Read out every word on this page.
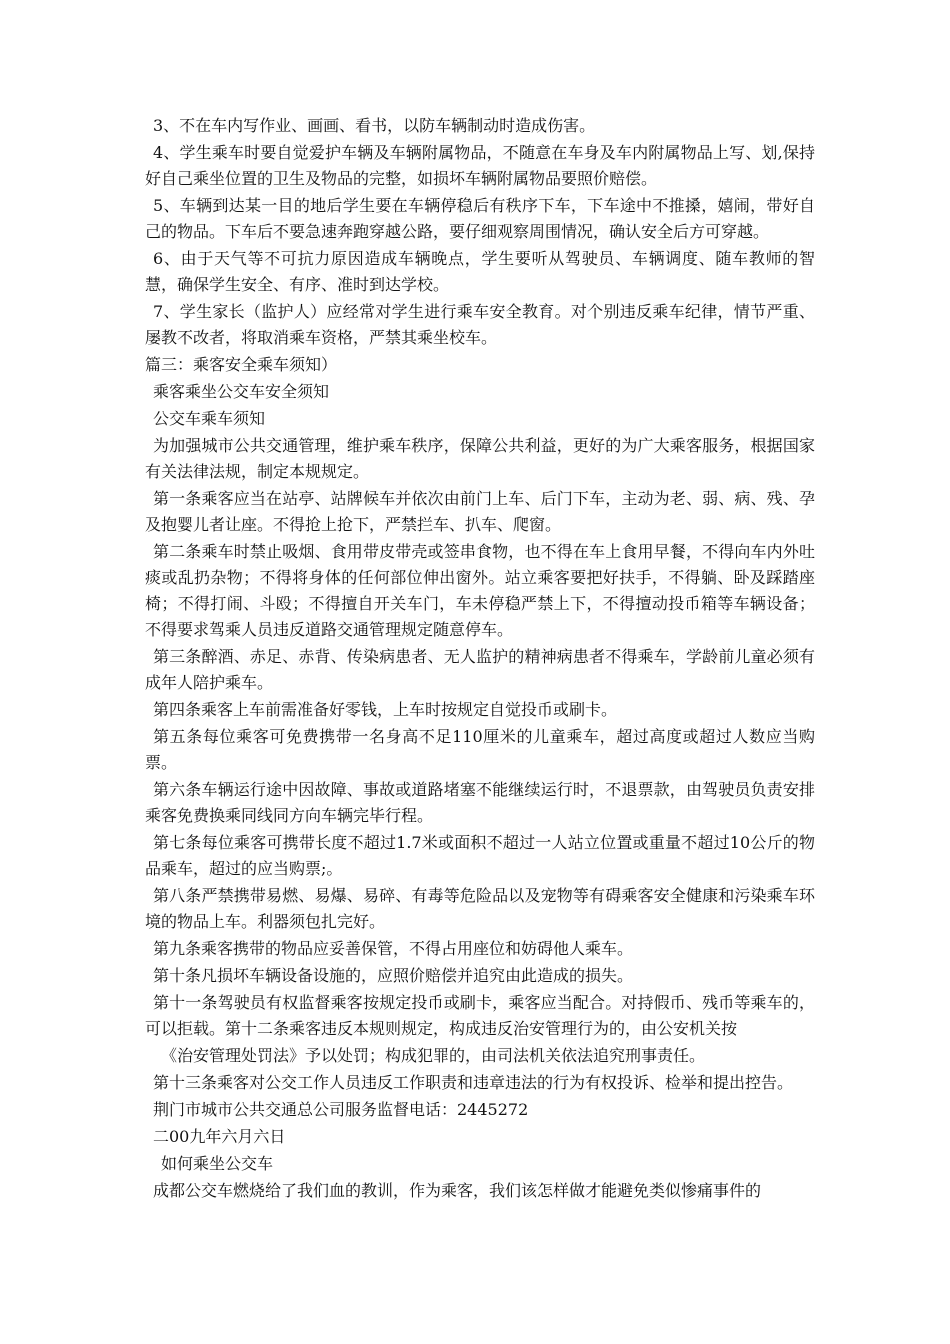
3、不在车内写作业、画画、看书，以防车辆制动时造成伤害。

4、学生乘车时要自觉爱护车辆及车辆附属物品，不随意在车身及车内附属物品上写、划,保持好自己乘坐位置的卫生及物品的完整，如损坏车辆附属物品要照价赔偿。

5、车辆到达某一目的地后学生要在车辆停稳后有秩序下车，下车途中不推搡，嬉闹，带好自己的物品。下车后不要急速奔跑穿越公路，要仔细观察周围情况，确认安全后方可穿越。

6、由于天气等不可抗力原因造成车辆晚点，学生要听从驾驶员、车辆调度、随车教师的智慧，确保学生安全、有序、准时到达学校。

7、学生家长（监护人）应经常对学生进行乘车安全教育。对个别违反乘车纪律，情节严重、屡教不改者，将取消乘车资格，严禁其乘坐校车。

篇三：乘客安全乘车须知）

乘客乘坐公交车安全须知

公交车乘车须知

为加强城市公共交通管理，维护乘车秩序，保障公共利益，更好的为广大乘客服务，根据国家有关法律法规，制定本规规定。

第一条乘客应当在站亭、站牌候车并依次由前门上车、后门下车，主动为老、弱、病、残、孕及抱婴儿者让座。不得抢上抢下，严禁拦车、扒车、爬窗。

第二条乘车时禁止吸烟、食用带皮带壳或签串食物，也不得在车上食用早餐，不得向车内外吐痰或乱扔杂物；不得将身体的任何部位伸出窗外。站立乘客要把好扶手，不得躺、卧及踩踏座椅；不得打闹、斗殴；不得擅自开关车门，车未停稳严禁上下，不得擅动投币箱等车辆设备；不得要求驾乘人员违反道路交通管理规定随意停车。

第三条醉酒、赤足、赤背、传染病患者、无人监护的精神病患者不得乘车，学龄前儿童必须有成年人陪护乘车。

第四条乘客上车前需准备好零钱，上车时按规定自觉投币或刷卡。

第五条每位乘客可免费携带一名身高不足110厘米的儿童乘车，超过高度或超过人数应当购票。

第六条车辆运行途中因故障、事故或道路堵塞不能继续运行时，不退票款，由驾驶员负责安排乘客免费换乘同线同方向车辆完毕行程。

第七条每位乘客可携带长度不超过1.7米或面积不超过一人站立位置或重量不超过10公斤的物品乘车，超过的应当购票;。

第八条严禁携带易燃、易爆、易碎、有毒等危险品以及宠物等有碍乘客安全健康和污染乘车环境的物品上车。利器须包扎完好。

第九条乘客携带的物品应妥善保管，不得占用座位和妨碍他人乘车。

第十条凡损坏车辆设备设施的，应照价赔偿并追究由此造成的损失。

第十一条驾驶员有权监督乘客按规定投币或刷卡，乘客应当配合。对持假币、残币等乘车的，可以拒载。第十二条乘客违反本规则规定，构成违反治安管理行为的，由公安机关按

《治安管理处罚法》予以处罚；构成犯罪的，由司法机关依法追究刑事责任。

第十三条乘客对公交工作人员违反工作职责和违章违法的行为有权投诉、检举和提出控告。

荆门市城市公共交通总公司服务监督电话：2445272

二00九年六月六日

如何乘坐公交车

成都公交车燃烧给了我们血的教训，作为乘客，我们该怎样做才能避免类似惨痛事件的
